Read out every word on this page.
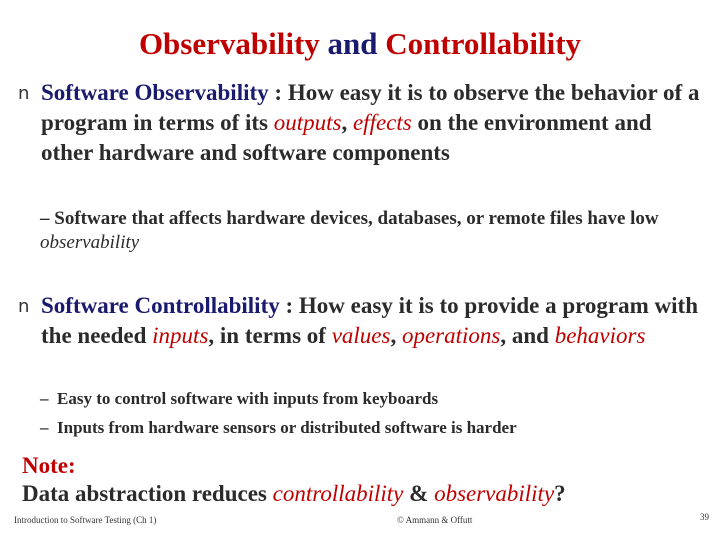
Observability and Controllability
n Software Observability : How easy it is to observe the behavior of a program in terms of its outputs, effects on the environment and other hardware and software components
– Software that affects hardware devices, databases, or remote files have low observability
n Software Controllability : How easy it is to provide a program with the needed inputs, in terms of values, operations, and behaviors
– Easy to control software with inputs from keyboards
– Inputs from hardware sensors or distributed software is harder
Note:
Data abstraction reduces controllability & observability?
Introduction to Software Testing (Ch 1)	© Ammann & Offutt	39
